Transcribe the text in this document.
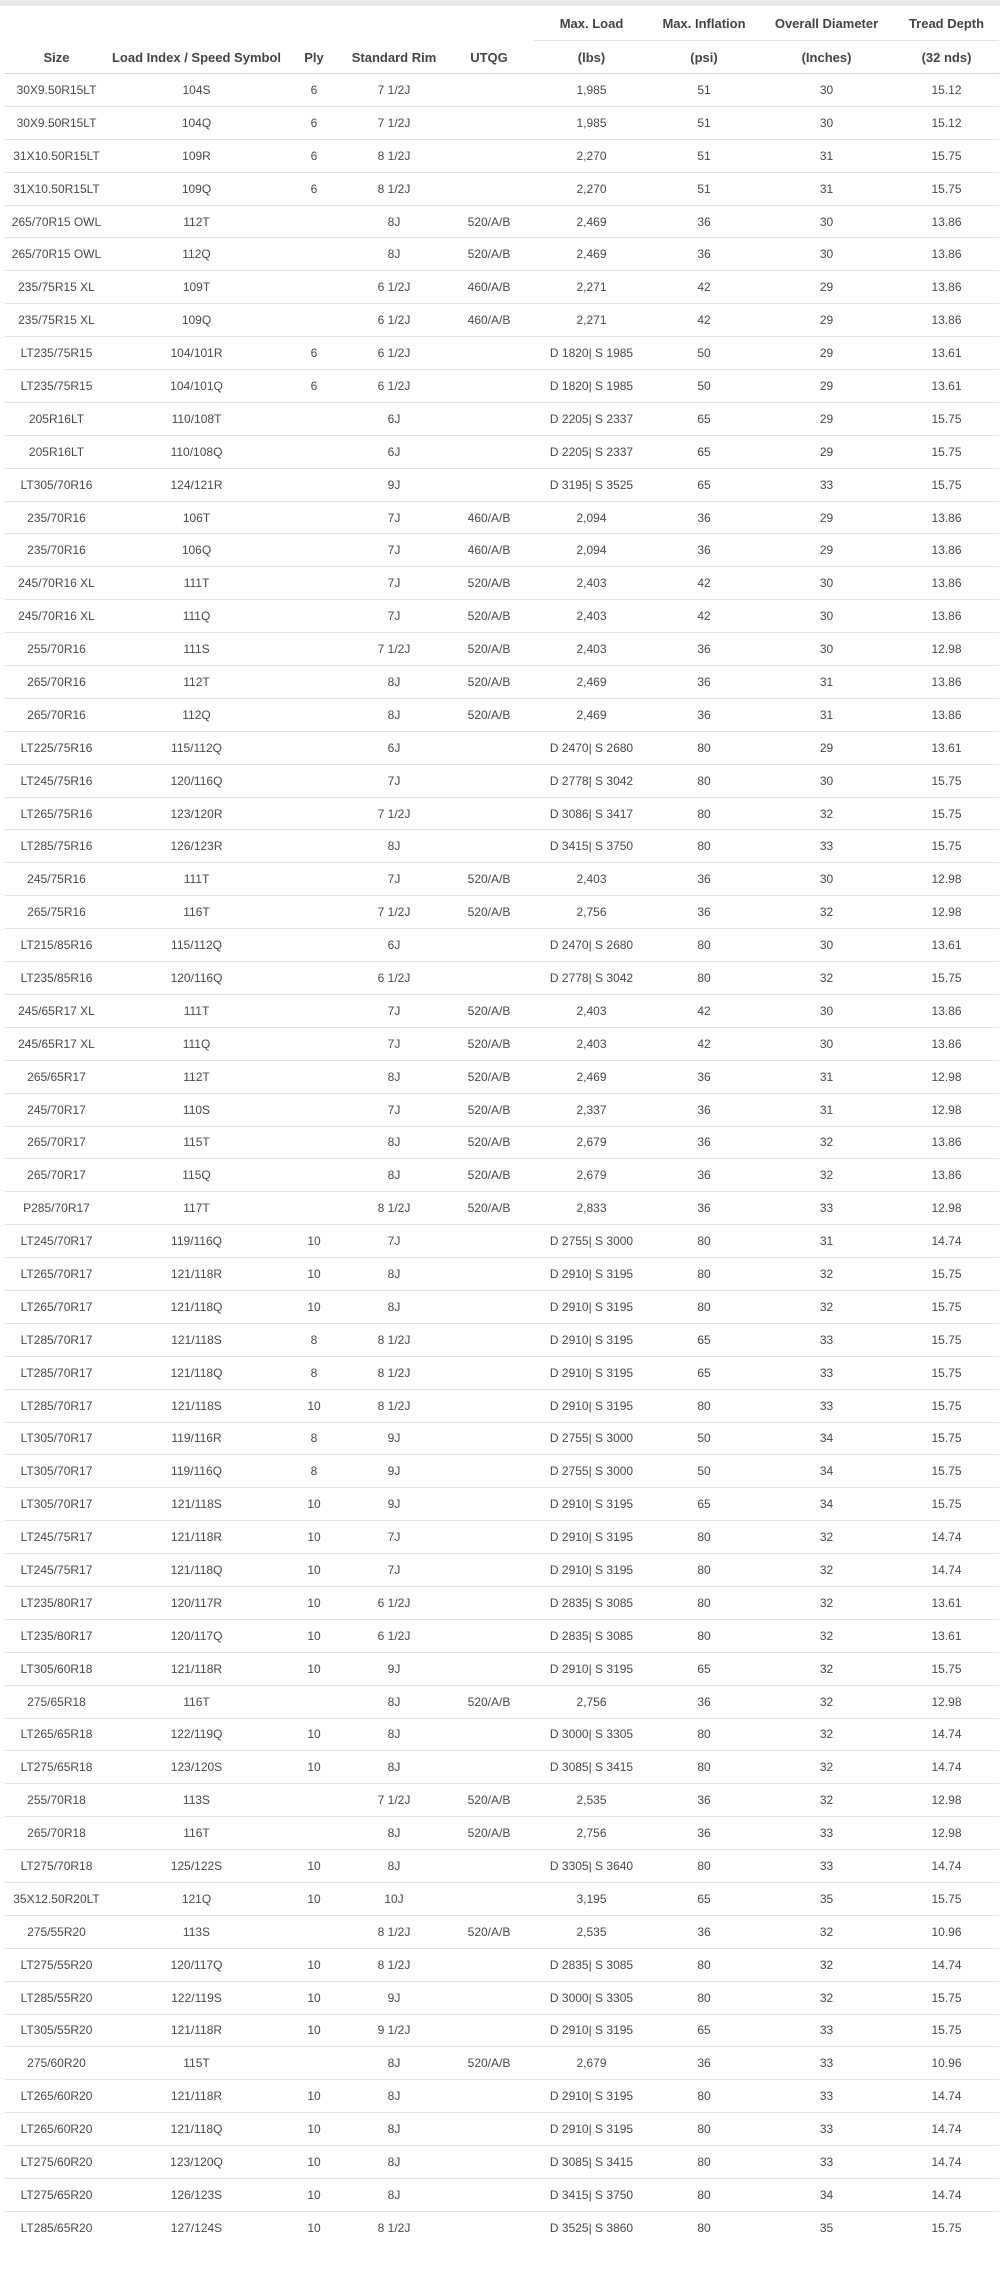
Size	Load Index / Speed Symbol	Ply	Standard Rim	UTQG	Max. Load	Max. Inflation	Overall Diameter	Tread Depth
					(lbs)	(psi)	(Inches)	(32 nds)
30X9.50R15LT	104S	6	7 1/2J		1,985	51	30	15.12
30X9.50R15LT	104Q	6	7 1/2J		1,985	51	30	15.12
31X10.50R15LT	109R	6	8 1/2J		2,270	51	31	15.75
31X10.50R15LT	109Q	6	8 1/2J		2,270	51	31	15.75
265/70R15 OWL	112T		8J	520/A/B	2,469	36	30	13.86
265/70R15 OWL	112Q		8J	520/A/B	2,469	36	30	13.86
235/75R15 XL	109T		6 1/2J	460/A/B	2,271	42	29	13.86
235/75R15 XL	109Q		6 1/2J	460/A/B	2,271	42	29	13.86
LT235/75R15	104/101R	6	6 1/2J		D 1820| S 1985	50	29	13.61
LT235/75R15	104/101Q	6	6 1/2J		D 1820| S 1985	50	29	13.61
205R16LT	110/108T		6J		D 2205| S 2337	65	29	15.75
205R16LT	110/108Q		6J		D 2205| S 2337	65	29	15.75
LT305/70R16	124/121R		9J		D 3195| S 3525	65	33	15.75
235/70R16	106T		7J	460/A/B	2,094	36	29	13.86
235/70R16	106Q		7J	460/A/B	2,094	36	29	13.86
245/70R16 XL	111T		7J	520/A/B	2,403	42	30	13.86
245/70R16 XL	111Q		7J	520/A/B	2,403	42	30	13.86
255/70R16	111S		7 1/2J	520/A/B	2,403	36	30	12.98
265/70R16	112T		8J	520/A/B	2,469	36	31	13.86
265/70R16	112Q		8J	520/A/B	2,469	36	31	13.86
LT225/75R16	115/112Q		6J		D 2470| S 2680	80	29	13.61
LT245/75R16	120/116Q		7J		D 2778| S 3042	80	30	15.75
LT265/75R16	123/120R		7 1/2J		D 3086| S 3417	80	32	15.75
LT285/75R16	126/123R		8J		D 3415| S 3750	80	33	15.75
245/75R16	111T		7J	520/A/B	2,403	36	30	12.98
265/75R16	116T		7 1/2J	520/A/B	2,756	36	32	12.98
LT215/85R16	115/112Q		6J		D 2470| S 2680	80	30	13.61
LT235/85R16	120/116Q		6 1/2J		D 2778| S 3042	80	32	15.75
245/65R17 XL	111T		7J	520/A/B	2,403	42	30	13.86
245/65R17 XL	111Q		7J	520/A/B	2,403	42	30	13.86
265/65R17	112T		8J	520/A/B	2,469	36	31	12.98
245/70R17	110S		7J	520/A/B	2,337	36	31	12.98
265/70R17	115T		8J	520/A/B	2,679	36	32	13.86
265/70R17	115Q		8J	520/A/B	2,679	36	32	13.86
P285/70R17	117T		8 1/2J	520/A/B	2,833	36	33	12.98
LT245/70R17	119/116Q	10	7J		D 2755| S 3000	80	31	14.74
LT265/70R17	121/118R	10	8J		D 2910| S 3195	80	32	15.75
LT265/70R17	121/118Q	10	8J		D 2910| S 3195	80	32	15.75
LT285/70R17	121/118S	8	8 1/2J		D 2910| S 3195	65	33	15.75
LT285/70R17	121/118Q	8	8 1/2J		D 2910| S 3195	65	33	15.75
LT285/70R17	121/118S	10	8 1/2J		D 2910| S 3195	80	33	15.75
LT305/70R17	119/116R	8	9J		D 2755| S 3000	50	34	15.75
LT305/70R17	119/116Q	8	9J		D 2755| S 3000	50	34	15.75
LT305/70R17	121/118S	10	9J		D 2910| S 3195	65	34	15.75
LT245/75R17	121/118R	10	7J		D 2910| S 3195	80	32	14.74
LT245/75R17	121/118Q	10	7J		D 2910| S 3195	80	32	14.74
LT235/80R17	120/117R	10	6 1/2J		D 2835| S 3085	80	32	13.61
LT235/80R17	120/117Q	10	6 1/2J		D 2835| S 3085	80	32	13.61
LT305/60R18	121/118R	10	9J		D 2910| S 3195	65	32	15.75
275/65R18	116T		8J	520/A/B	2,756	36	32	12.98
LT265/65R18	122/119Q	10	8J		D 3000| S 3305	80	32	14.74
LT275/65R18	123/120S	10	8J		D 3085| S 3415	80	32	14.74
255/70R18	113S		7 1/2J	520/A/B	2,535	36	32	12.98
265/70R18	116T		8J	520/A/B	2,756	36	33	12.98
LT275/70R18	125/122S	10	8J		D 3305| S 3640	80	33	14.74
35X12.50R20LT	121Q	10	10J		3,195	65	35	15.75
275/55R20	113S		8 1/2J	520/A/B	2,535	36	32	10.96
LT275/55R20	120/117Q	10	8 1/2J		D 2835| S 3085	80	32	14.74
LT285/55R20	122/119S	10	9J		D 3000| S 3305	80	32	15.75
LT305/55R20	121/118R	10	9 1/2J		D 2910| S 3195	65	33	15.75
275/60R20	115T		8J	520/A/B	2,679	36	33	10.96
LT265/60R20	121/118R	10	8J		D 2910| S 3195	80	33	14.74
LT265/60R20	121/118Q	10	8J		D 2910| S 3195	80	33	14.74
LT275/60R20	123/120Q	10	8J		D 3085| S 3415	80	33	14.74
LT275/65R20	126/123S	10	8J		D 3415| S 3750	80	34	14.74
LT285/65R20	127/124S	10	8 1/2J		D 3525| S 3860	80	35	15.75
